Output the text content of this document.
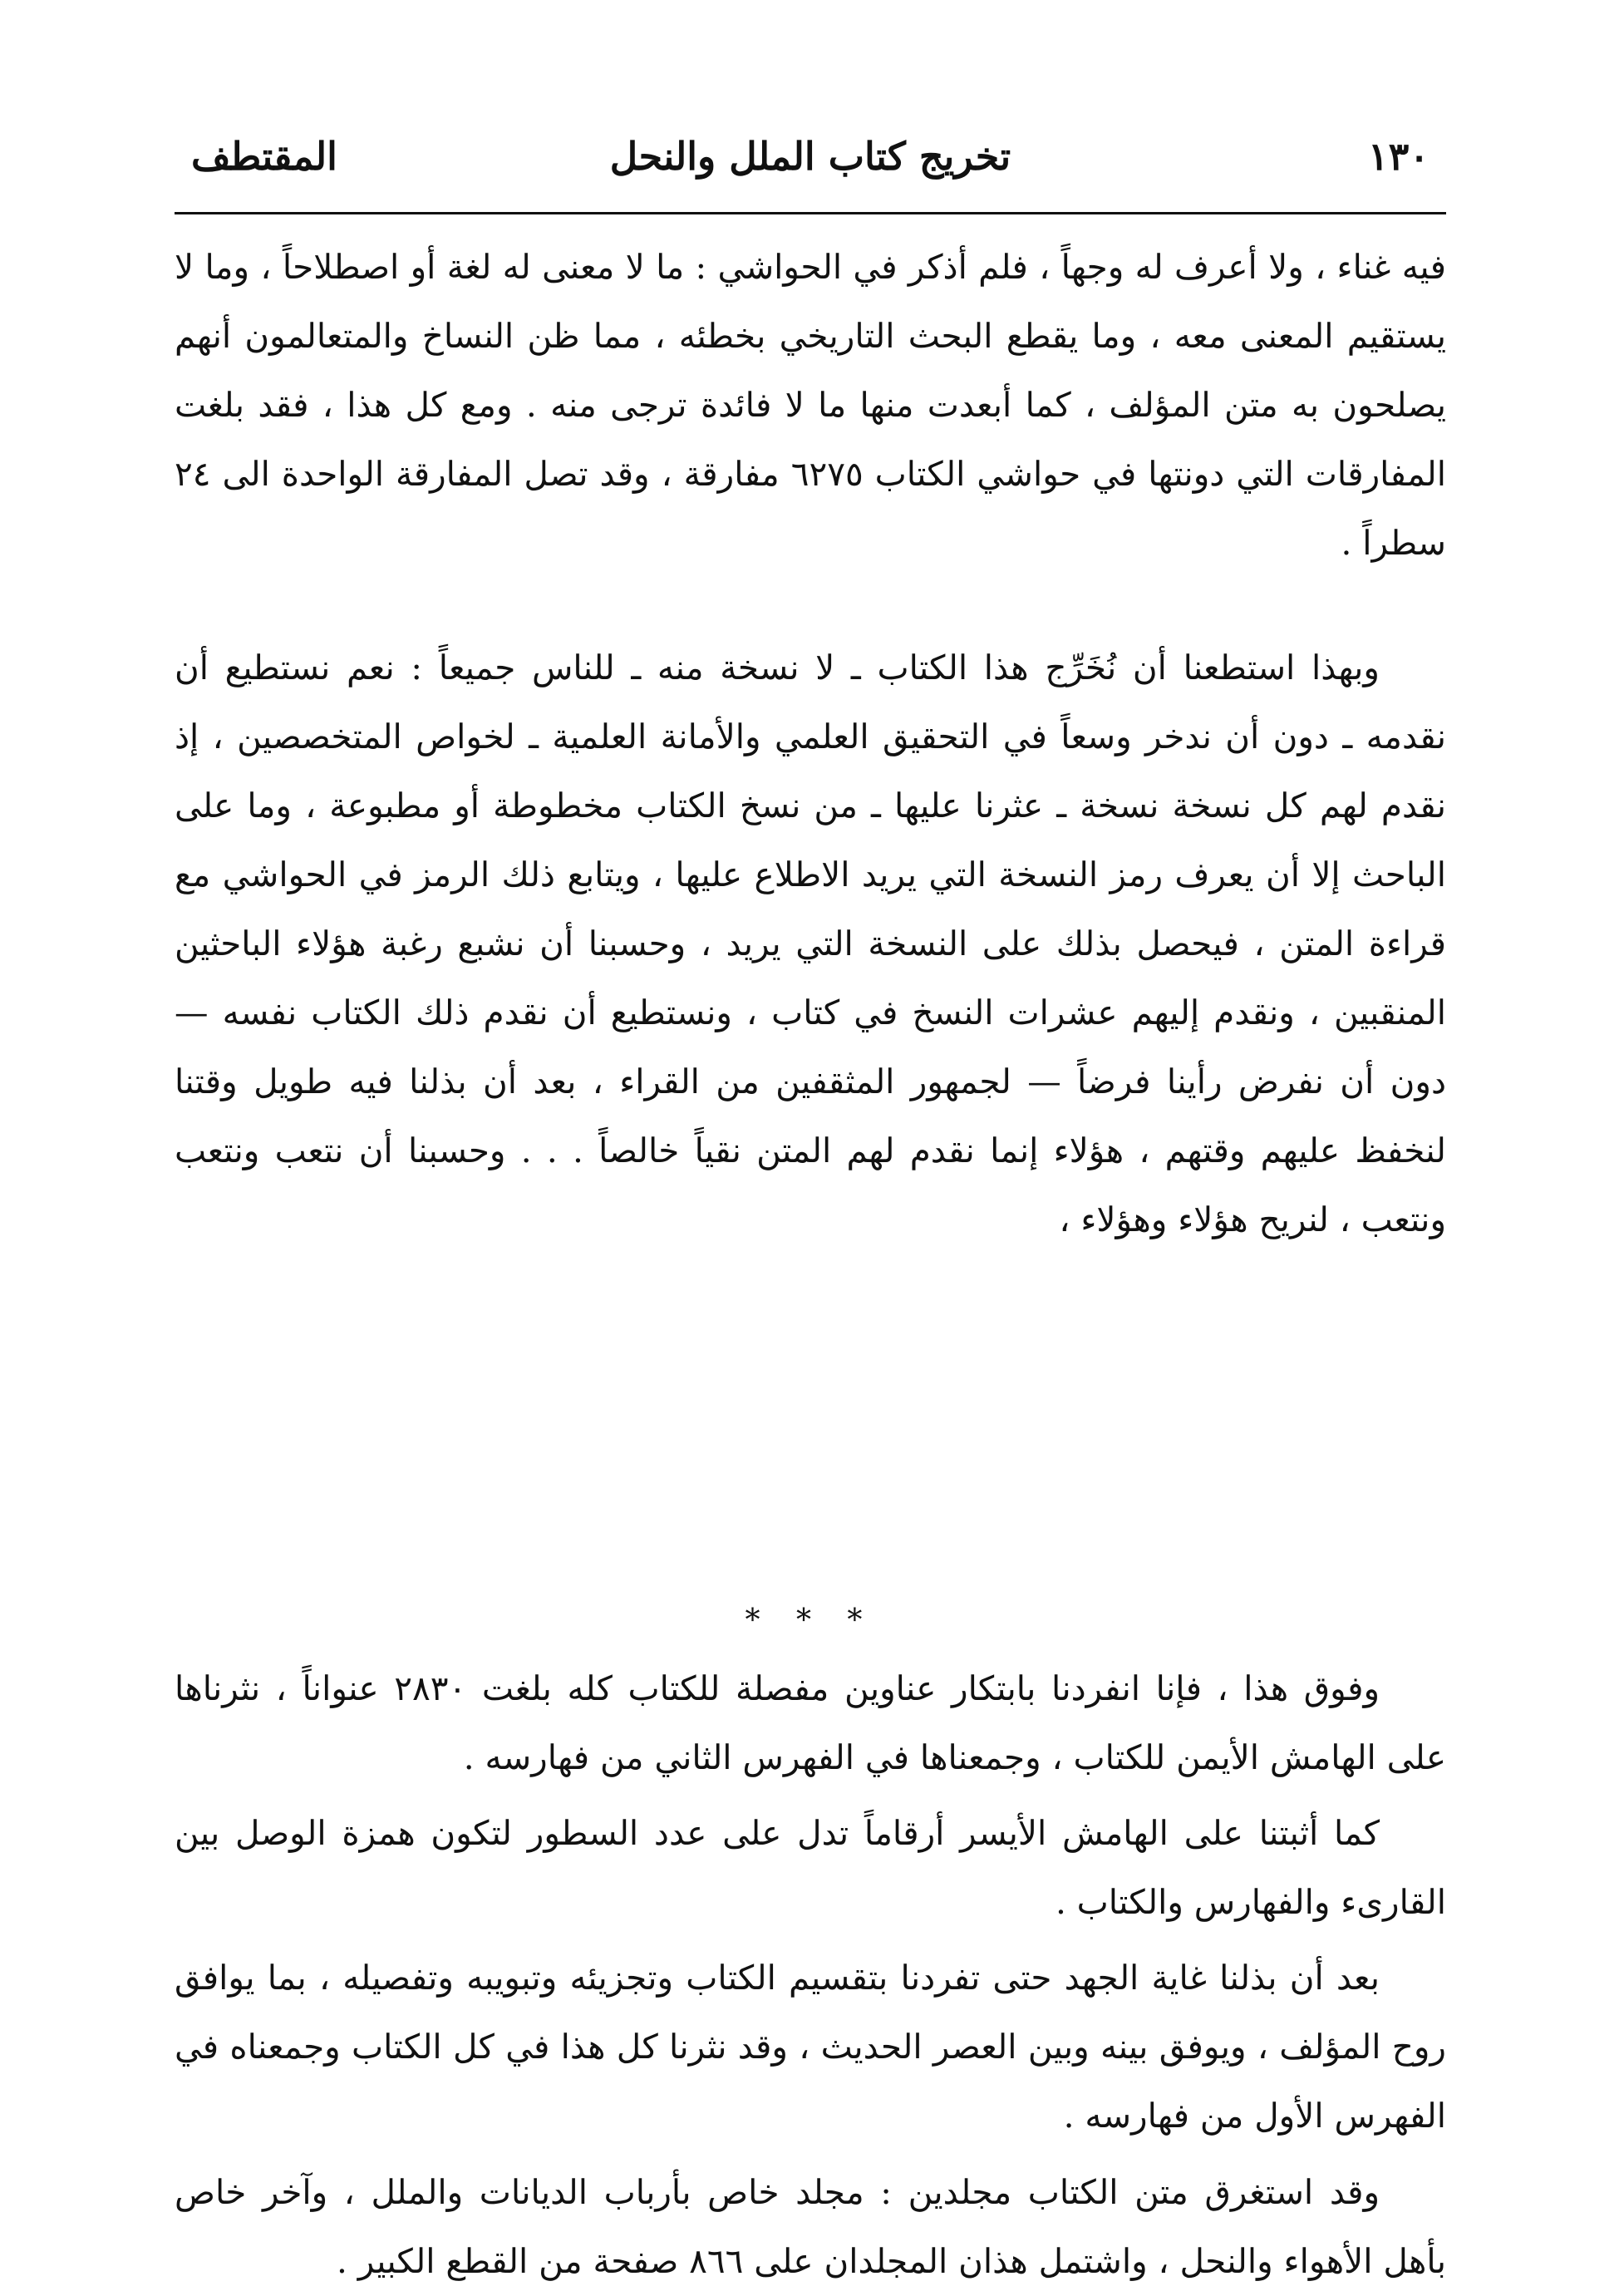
١٣٠
تخريج كتاب الملل والنحل
المقتطف

فيه غناء ، ولا أعرف له وجهاً ، فلم أذكر في الحواشي : ما لا معنى له لغة أو اصطلاحاً ، وما لا يستقيم المعنى معه ، وما يقطع البحث التاريخي بخطئه ، مما ظن النساخ والمتعالمون أنهم يصلحون به متن المؤلف ، كما أبعدت منها ما لا فائدة ترجى منه . ومع كل هذا ، فقد بلغت المفارقات التي دونتها في حواشي الكتاب ٦٢٧٥ مفارقة ، وقد تصل المفارقة الواحدة الى ٢٤ سطراً .

وبهذا استطعنا أن نُخَرِّج هذا الكتاب ـ لا نسخة منه ـ للناس جميعاً : نعم نستطيع أن نقدمه ـ دون أن ندخر وسعاً في التحقيق العلمي والأمانة العلمية ـ لخواص المتخصصين ، إذ نقدم لهم كل نسخة نسخة ـ عثرنا عليها ـ من نسخ الكتاب مخطوطة أو مطبوعة ، وما على الباحث إلا أن يعرف رمز النسخة التي يريد الاطلاع عليها ، ويتابع ذلك الرمز في الحواشي مع قراءة المتن ، فيحصل بذلك على النسخة التي يريد ، وحسبنا أن نشبع رغبة هؤلاء الباحثين المنقبين ، ونقدم إليهم عشرات النسخ في كتاب ، ونستطيع أن نقدم ذلك الكتاب نفسه — دون أن نفرض رأينا فرضاً — لجمهور المثقفين من القراء ، بعد أن بذلنا فيه طويل وقتنا لنخفظ عليهم وقتهم ، هؤلاء إنما نقدم لهم المتن نقياً خالصاً . . . وحسبنا أن نتعب ونتعب ونتعب ، لنريح هؤلاء وهؤلاء ،

* * *

وفوق هذا ، فإنا انفردنا بابتكار عناوين مفصلة للكتاب كله بلغت ٢٨٣٠ عنواناً ، نثرناها على الهامش الأيمن للكتاب ، وجمعناها في الفهرس الثاني من فهارسه .

كما أثبتنا على الهامش الأيسر أرقاماً تدل على عدد السطور لتكون همزة الوصل بين القارىء والفهارس والكتاب .

بعد أن بذلنا غاية الجهد حتى تفردنا بتقسيم الكتاب وتجزيئه وتبويبه وتفصيله ، بما يوافق روح المؤلف ، ويوفق بينه وبين العصر الحديث ، وقد نثرنا كل هذا في كل الكتاب وجمعناه في الفهرس الأول من فهارسه .

وقد استغرق متن الكتاب مجلدين : مجلد خاص بأرباب الديانات والملل ، وآخر خاص بأهل الأهواء والنحل ، واشتمل هذان المجلدان على ٨٦٦ صفحة من القطع الكبير .
